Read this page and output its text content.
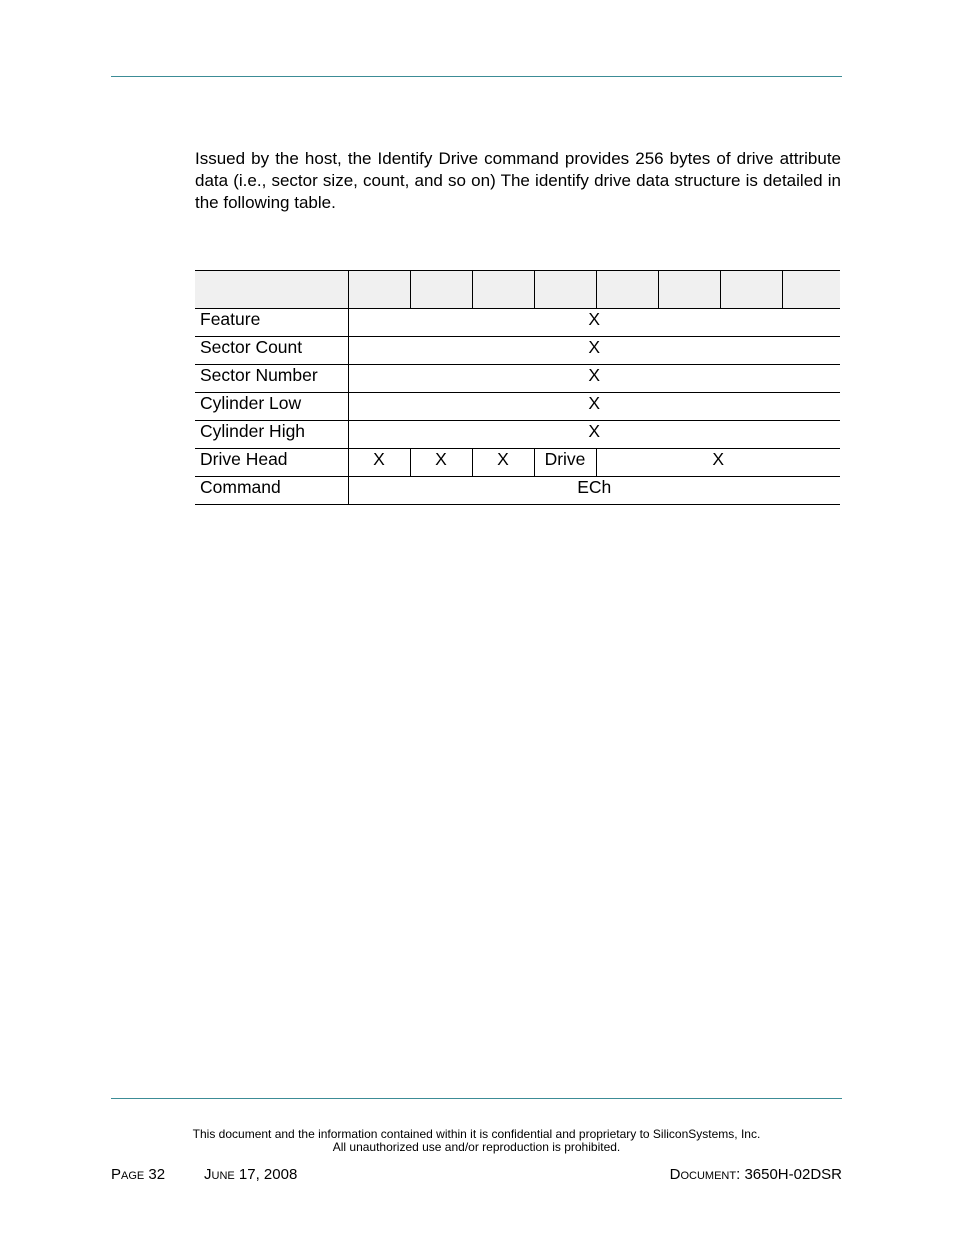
Issued by the host, the Identify Drive command provides 256 bytes of drive attribute data (i.e., sector size, count, and so on) The identify drive data structure is detailed in the following table.

Feature	X							
Sector Count	X							
Sector Number	X							
Cylinder Low	X							
Cylinder High	X							
Drive Head	X	X	X	Drive	X			
Command	ECh							
This document and the information contained within it is confidential and proprietary to SiliconSystems, Inc.
All unauthorized use and/or reproduction is prohibited.
PAGE 32	JUNE 17, 2008	DOCUMENT: 3650H-02DSR
